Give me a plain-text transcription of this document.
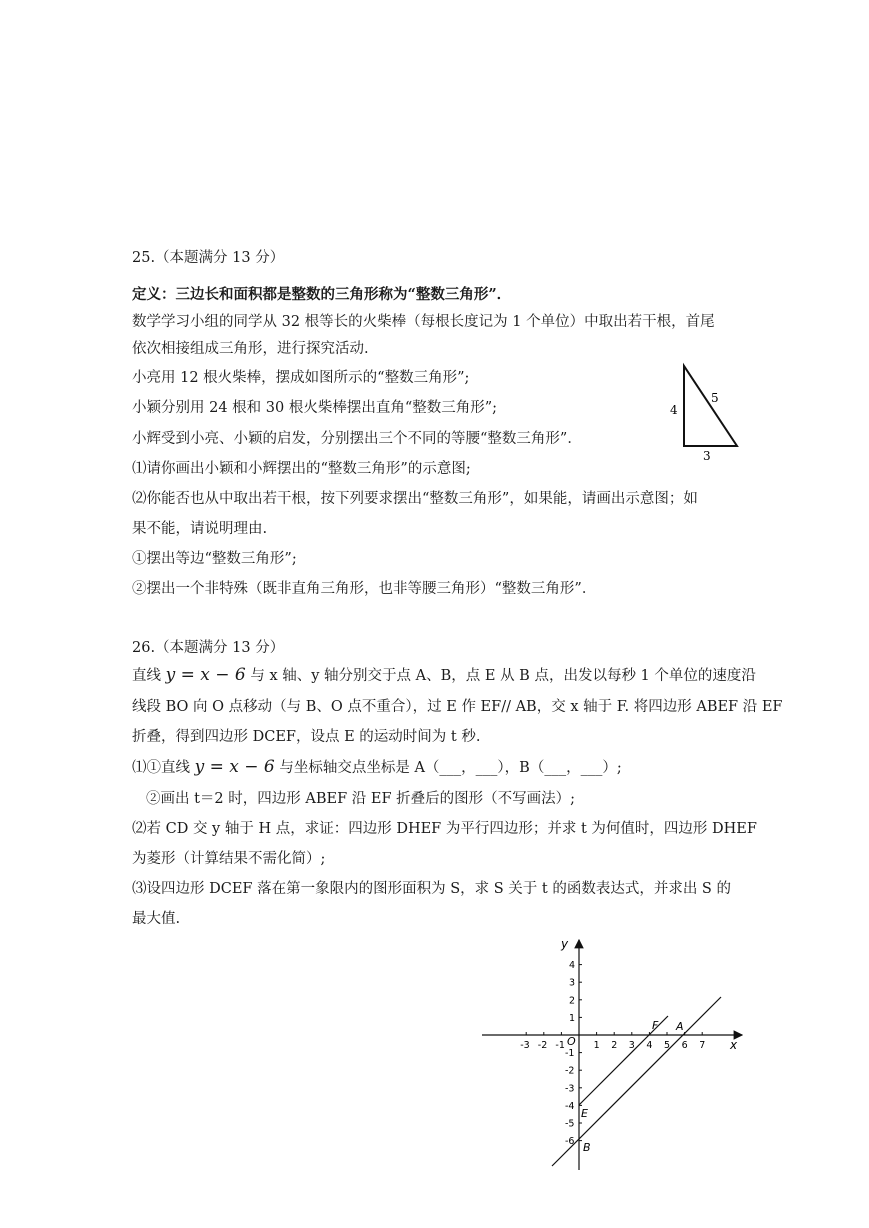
25.（本题满分 13 分）
定义：三边长和面积都是整数的三角形称为“整数三角形”．
数学学习小组的同学从 32 根等长的火柴棒（每根长度记为 1 个单位）中取出若干根，首尾
依次相接组成三角形，进行探究活动.
小亮用 12 根火柴棒，摆成如图所示的“整数三角形”;
小颖分别用 24 根和 30 根火柴棒摆出直角“整数三角形”;
小辉受到小亮、小颖的启发，分别摆出三个不同的等腰“整数三角形”．
⑴请你画出小颖和小辉摆出的“整数三角形”的示意图;
⑵你能否也从中取出若干根，按下列要求摆出“整数三角形”，如果能，请画出示意图；如
果不能，请说明理由.
①摆出等边“整数三角形”;
②摆出一个非特殊（既非直角三角形，也非等腰三角形）“整数三角形”．
4
5
3
26.（本题满分 13 分）
直线 y = x − 6 与 x 轴、y 轴分别交于点 A、B，点 E 从 B 点，出发以每秒 1 个单位的速度沿
线段 BO 向 O 点移动（与 B、O 点不重合），过 E 作 EF// AB，交 x 轴于 F. 将四边形 ABEF 沿 EF
折叠，得到四边形 DCEF，设点 E 的运动时间为 t 秒.
⑴①直线 y = x − 6 与坐标轴交点坐标是 A（___，___），B（___，___）;
②画出 t＝2 时，四边形 ABEF 沿 EF 折叠后的图形（不写画法）;
⑵若 CD 交 y 轴于 H 点，求证：四边形 DHEF 为平行四边形；并求 t 为何值时，四边形 DHEF
为菱形（计算结果不需化简）;
⑶设四边形 DCEF 落在第一象限内的图形面积为 S，求 S 关于 t 的函数表达式，并求出 S 的
最大值.
x
y
O
-3 -2 -1	1 2 3 4 5 6 7
4
3
2
1
-1
-2
-3
-4
-5
-6
A
F
E
B
